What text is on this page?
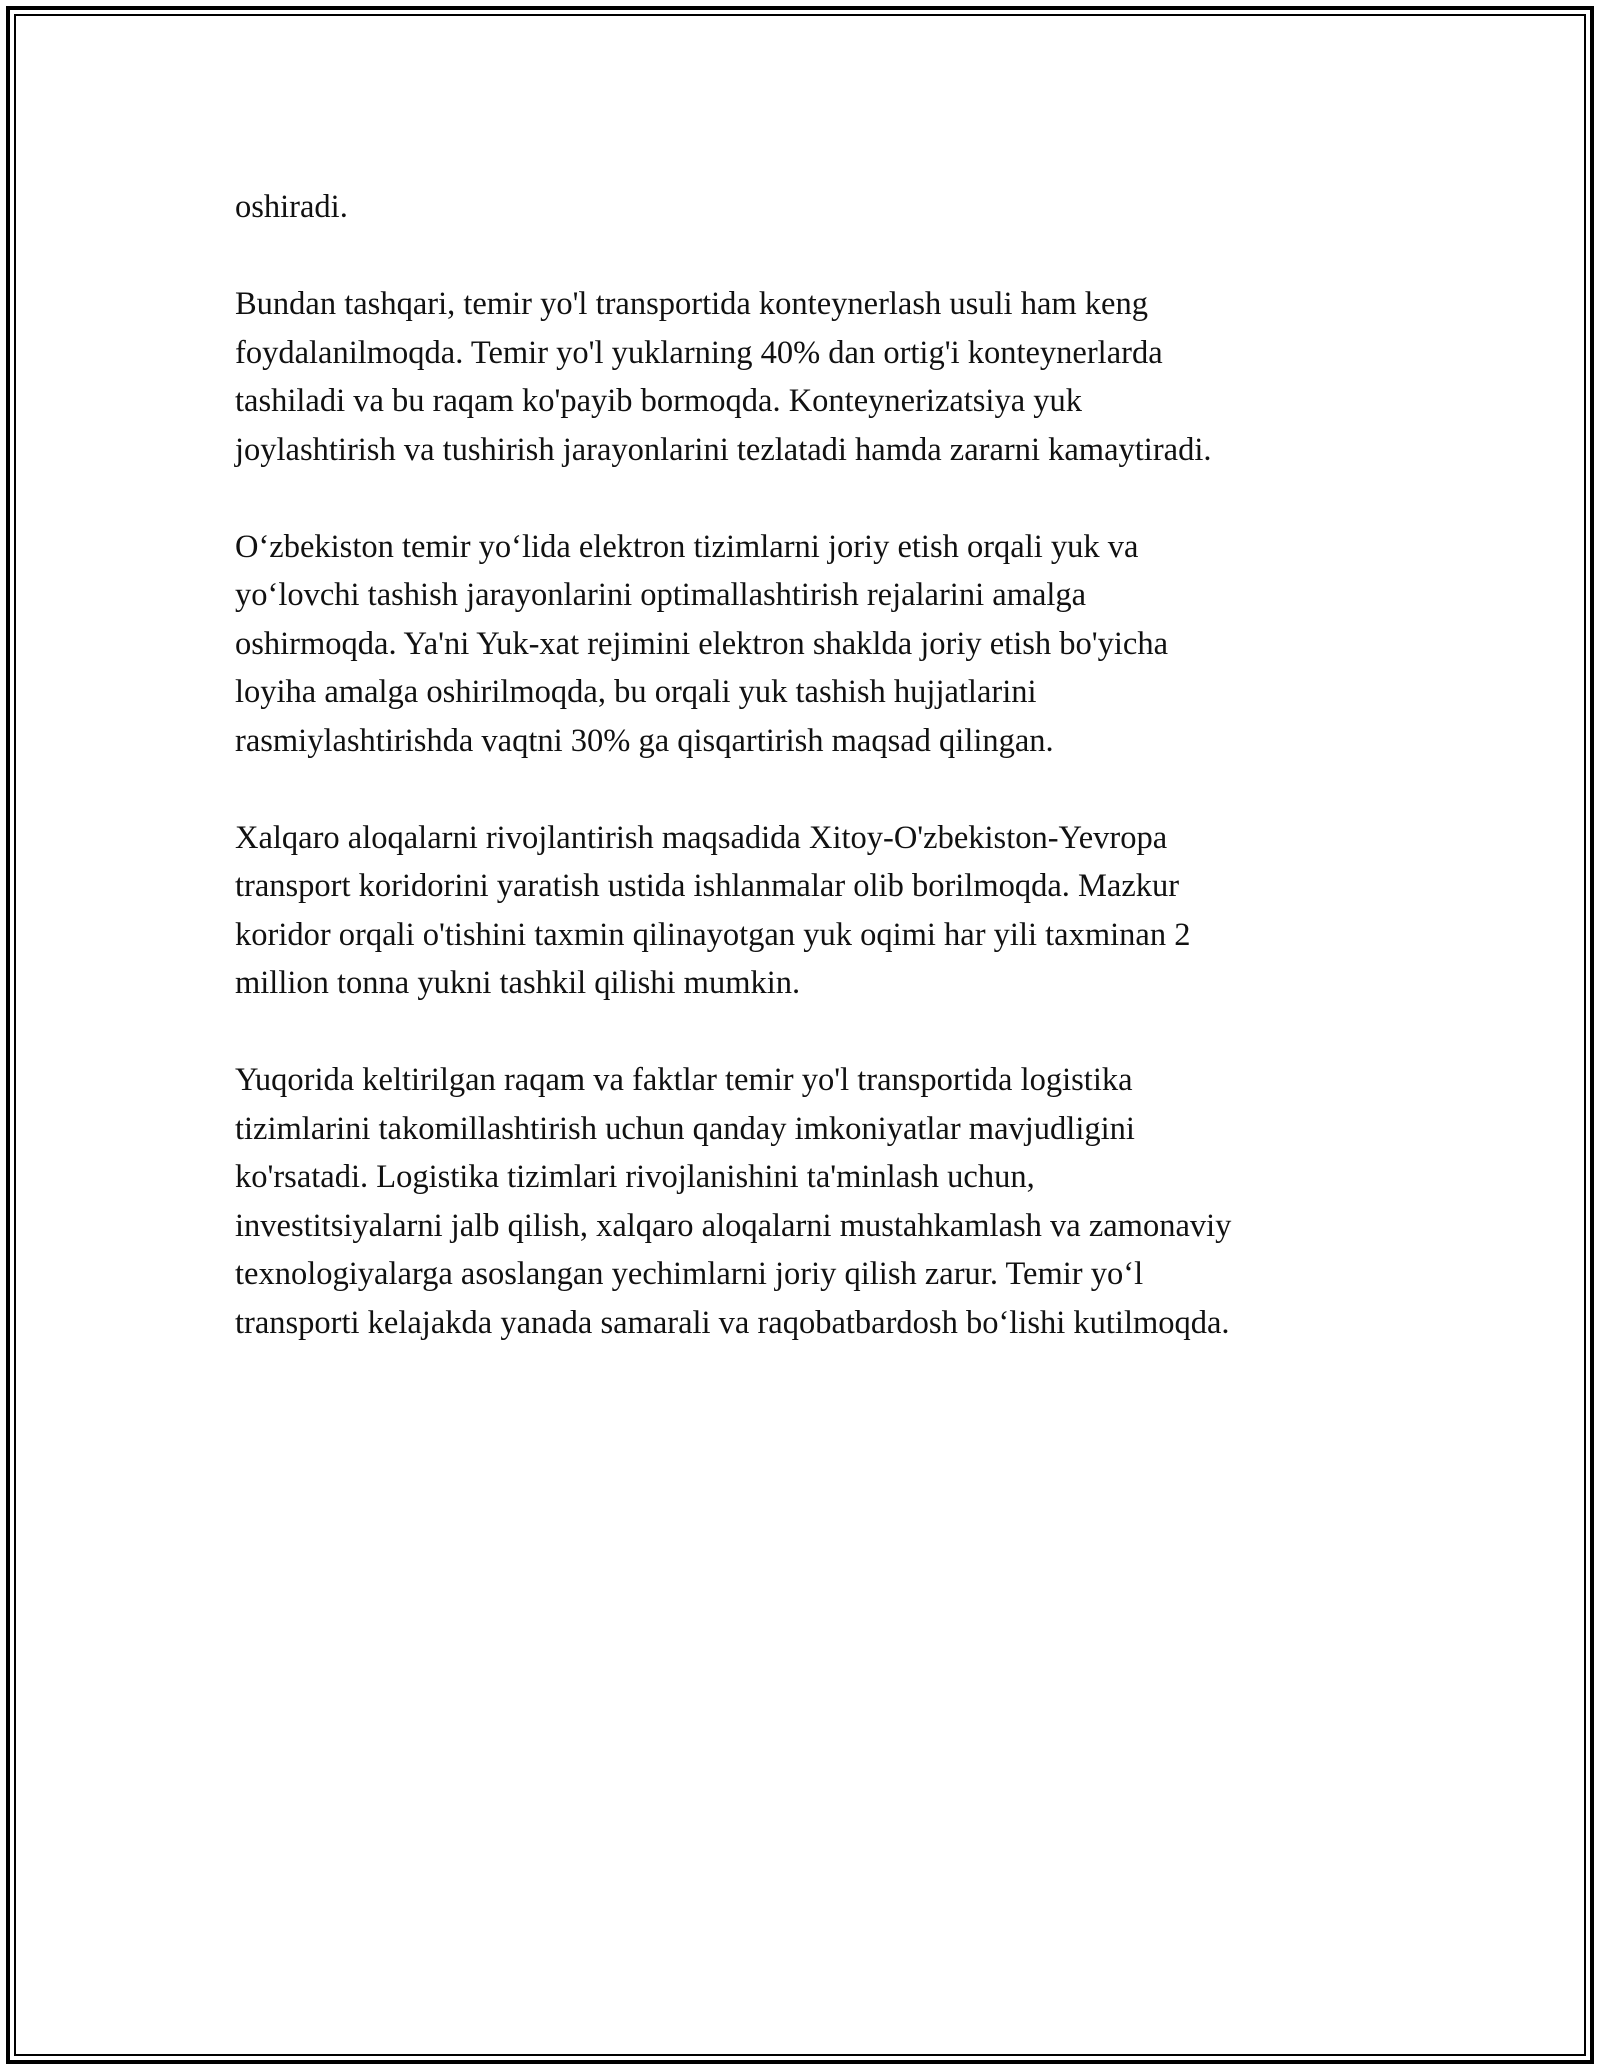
oshiradi.

Bundan tashqari, temir yo'l transportida konteynerlash usuli ham keng
foydalanilmoqda. Temir yo'l yuklarning 40% dan ortig'i konteynerlarda
tashiladi va bu raqam ko'payib bormoqda. Konteynerizatsiya yuk
joylashtirish va tushirish jarayonlarini tezlatadi hamda zararni kamaytiradi.

O‘zbekiston temir yo‘lida elektron tizimlarni joriy etish orqali yuk va
yo‘lovchi tashish jarayonlarini optimallashtirish rejalarini amalga
oshirmoqda. Ya'ni Yuk-xat rejimini elektron shaklda joriy etish bo'yicha
loyiha amalga oshirilmoqda, bu orqali yuk tashish hujjatlarini
rasmiylashtirishda vaqtni 30% ga qisqartirish maqsad qilingan.

Xalqaro aloqalarni rivojlantirish maqsadida Xitoy-O'zbekiston-Yevropa
transport koridorini yaratish ustida ishlanmalar olib borilmoqda. Mazkur
koridor orqali o'tishini taxmin qilinayotgan yuk oqimi har yili taxminan 2
million tonna yukni tashkil qilishi mumkin.

Yuqorida keltirilgan raqam va faktlar temir yo'l transportida logistika
tizimlarini takomillashtirish uchun qanday imkoniyatlar mavjudligini
ko'rsatadi. Logistika tizimlari rivojlanishini ta'minlash uchun,
investitsiyalarni jalb qilish, xalqaro aloqalarni mustahkamlash va zamonaviy
texnologiyalarga asoslangan yechimlarni joriy qilish zarur. Temir yo‘l
transporti kelajakda yanada samarali va raqobatbardosh bo‘lishi kutilmoqda.
